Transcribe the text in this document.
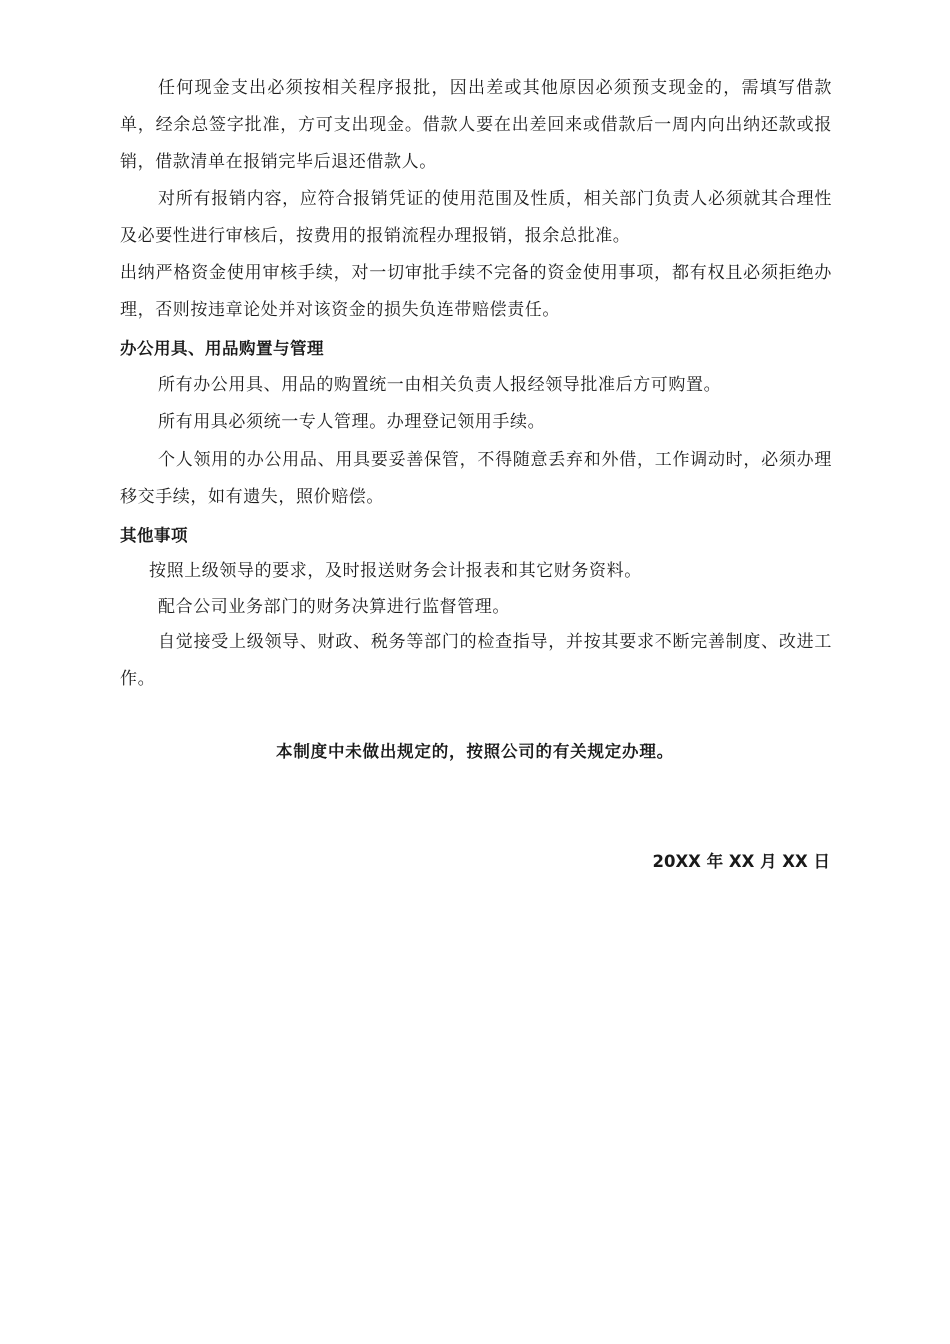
任何现金支出必须按相关程序报批，因出差或其他原因必须预支现金的，需填写借款单，经余总签字批准，方可支出现金。借款人要在出差回来或借款后一周内向出纳还款或报销，借款清单在报销完毕后退还借款人。

对所有报销内容，应符合报销凭证的使用范围及性质，相关部门负责人必须就其合理性及必要性进行审核后，按费用的报销流程办理报销，报余总批准。

出纳严格资金使用审核手续，对一切审批手续不完备的资金使用事项，都有权且必须拒绝办理，否则按违章论处并对该资金的损失负连带赔偿责任。

办公用具、用品购置与管理

所有办公用具、用品的购置统一由相关负责人报经领导批准后方可购置。

所有用具必须统一专人管理。办理登记领用手续。

个人领用的办公用品、用具要妥善保管，不得随意丢弃和外借，工作调动时，必须办理移交手续，如有遗失，照价赔偿。

其他事项

按照上级领导的要求，及时报送财务会计报表和其它财务资料。

配合公司业务部门的财务决算进行监督管理。

自觉接受上级领导、财政、税务等部门的检查指导，并按其要求不断完善制度、改进工作。

本制度中未做出规定的，按照公司的有关规定办理。

20XX 年 XX 月 XX 日
